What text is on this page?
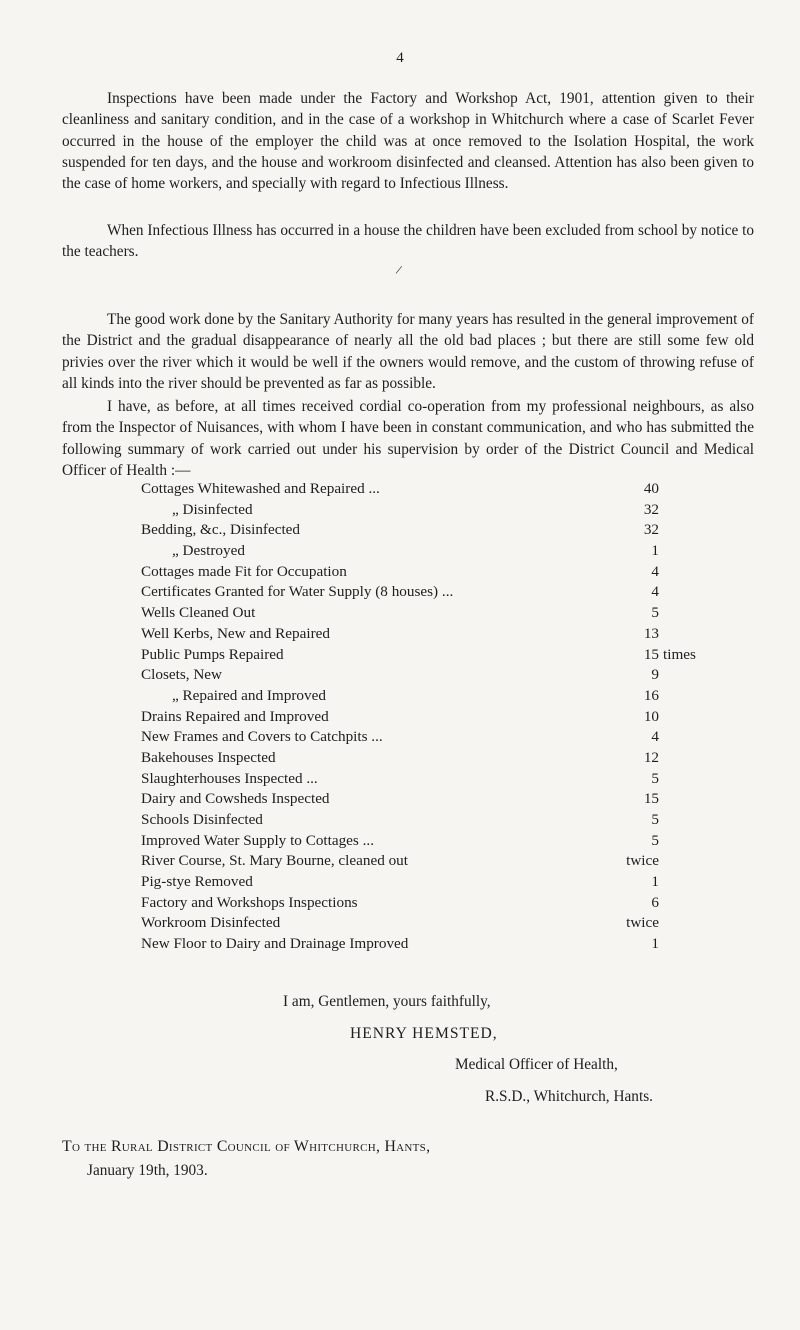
4

Inspections have been made under the Factory and Workshop Act, 1901, attention given to their cleanliness and sanitary condition, and in the case of a workshop in Whitchurch where a case of Scarlet Fever occurred in the house of the employer the child was at once removed to the Isolation Hospital, the work suspended for ten days, and the house and workroom disinfected and cleansed. Attention has also been given to the case of home workers, and specially with regard to Infectious Illness.

When Infectious Illness has occurred in a house the children have been excluded from school by notice to the teachers.

/

The good work done by the Sanitary Authority for many years has resulted in the general improvement of the District and the gradual disappearance of nearly all the old bad places ; but there are still some few old privies over the river which it would be well if the owners would remove, and the custom of throwing refuse of all kinds into the river should be prevented as far as possible.

I have, as before, at all times received cordial co-operation from my professional neighbours, as also from the Inspector of Nuisances, with whom I have been in constant communication, and who has submitted the following summary of work carried out under his supervision by order of the District Council and Medical Officer of Health :—

Cottages Whitewashed and Repaired ...	40
„ Disinfected	32
Bedding, &c., Disinfected	32
„ Destroyed	1
Cottages made Fit for Occupation	4
Certificates Granted for Water Supply (8 houses) ...	4
Wells Cleaned Out	5
Well Kerbs, New and Repaired	13
Public Pumps Repaired	15 times
Closets, New	9
„ Repaired and Improved	16
Drains Repaired and Improved	10
New Frames and Covers to Catchpits ...	4
Bakehouses Inspected	12
Slaughterhouses Inspected ...	5
Dairy and Cowsheds Inspected	15
Schools Disinfected	5
Improved Water Supply to Cottages ...	5
River Course, St. Mary Bourne, cleaned out	twice
Pig-stye Removed	1
Factory and Workshops Inspections	6
Workroom Disinfected	twice
New Floor to Dairy and Drainage Improved	1
I am, Gentlemen, yours faithfully,
HENRY HEMSTED,
Medical Officer of Health,
R.S.D., Whitchurch, Hants.
To the Rural District Council of Whitchurch, Hants,
January 19th, 1903.
